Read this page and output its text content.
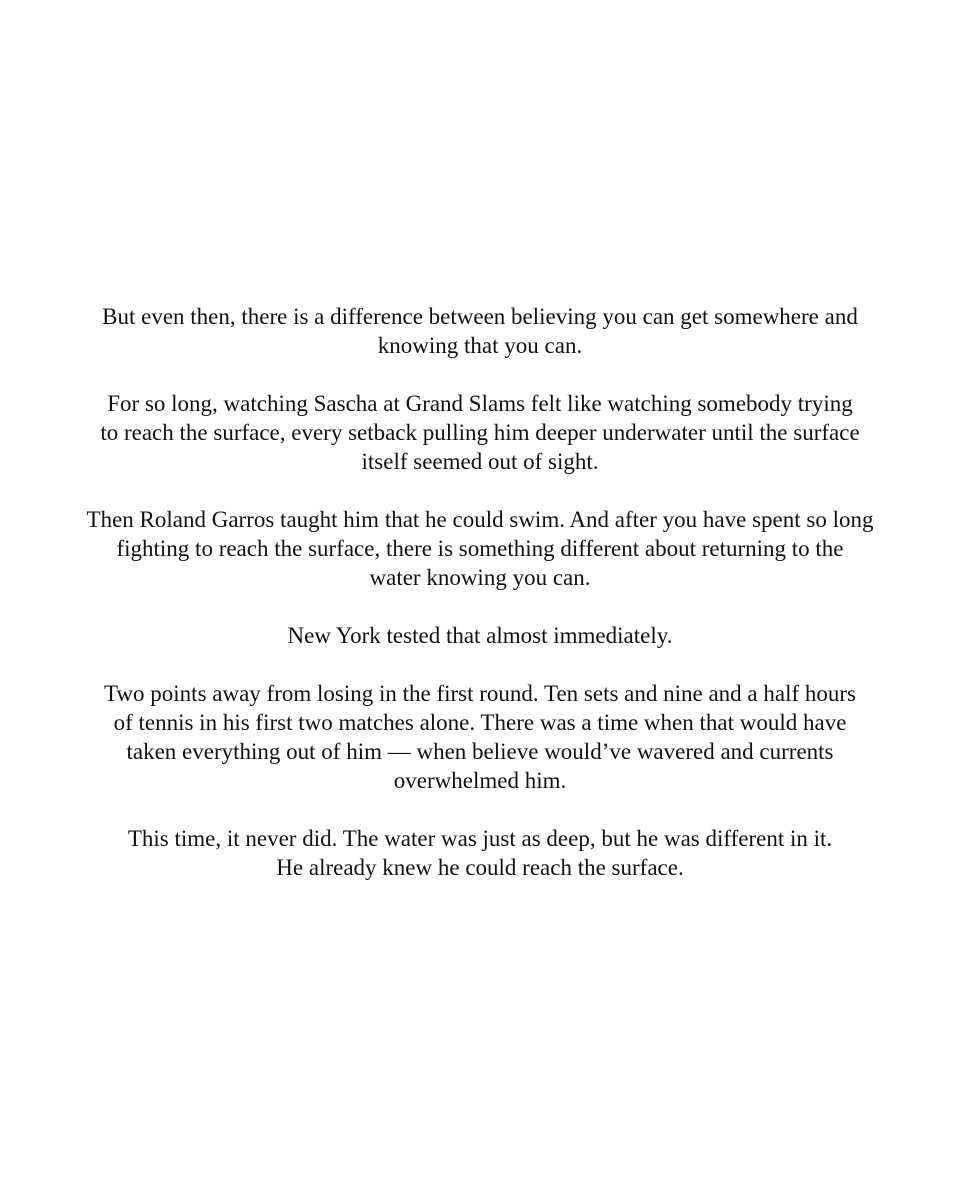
But even then, there is a difference between believing you can get somewhere and
knowing that you can.

For so long, watching Sascha at Grand Slams felt like watching somebody trying
to reach the surface, every setback pulling him deeper underwater until the surface
itself seemed out of sight.

Then Roland Garros taught him that he could swim. And after you have spent so long
fighting to reach the surface, there is something different about returning to the
water knowing you can.

New York tested that almost immediately.

Two points away from losing in the first round. Ten sets and nine and a half hours
of tennis in his first two matches alone. There was a time when that would have
taken everything out of him — when believe would’ve wavered and currents
overwhelmed him.

This time, it never did. The water was just as deep, but he was different in it.
He already knew he could reach the surface.
